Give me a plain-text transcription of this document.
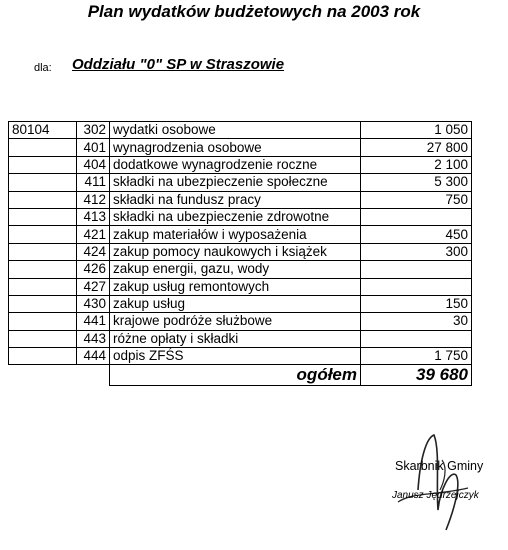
Plan wydatków budżetowych na 2003 rok
dla: Oddziału "0" SP w Straszowie
80104	302	wydatki osobowe	1 050
	401	wynagrodzenia osobowe	27 800
	404	dodatkowe wynagrodzenie roczne	2 100
	411	składki na ubezpieczenie społeczne	5 300
	412	składki na fundusz pracy	750
	413	składki na ubezpieczenie zdrowotne	
	421	zakup materiałów i wyposażenia	450
	424	zakup pomocy naukowych i książek	300
	426	zakup energii, gazu, wody	
	427	zakup usług remontowych	
	430	zakup usług	150
	441	krajowe podróże służbowe	30
	443	różne opłaty i składki	
	444	odpis ZFŚS	1 750
		ogółem	39 680
Skarbnik Gminy
Janusz Jędrzejczyk
